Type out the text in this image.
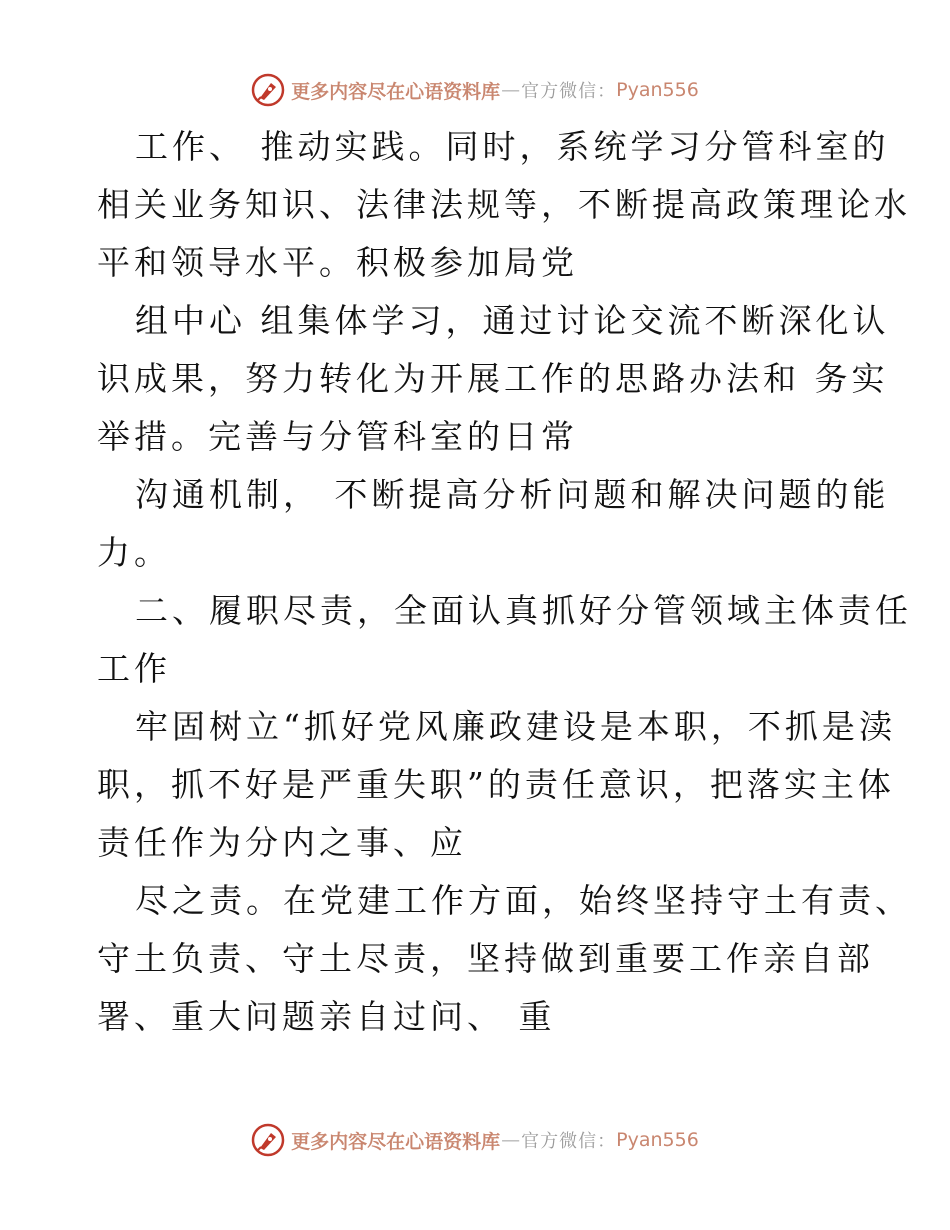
更多内容尽在心语资料库 — 官方微信： Pyan556
工作、 推动实践。同时，系统学习分管科室的
相关业务知识、法律法规等，不断提高政策理论水
平和领导水平。积极参加局党
组中心 组集体学习，通过讨论交流不断深化认
识成果，努力转化为开展工作的思路办法和 务实
举措。完善与分管科室的日常
沟通机制， 不断提高分析问题和解决问题的能
力。
二、履职尽责，全面认真抓好分管领域主体责任
工作
牢固树立“抓好党风廉政建设是本职，不抓是渎
职，抓不好是严重失职”的责任意识，把落实主体
责任作为分内之事、应
尽之责。在党建工作方面，始终坚持守土有责、
守土负责、守土尽责，坚持做到重要工作亲自部
署、重大问题亲自过问、 重
更多内容尽在心语资料库 — 官方微信： Pyan556
